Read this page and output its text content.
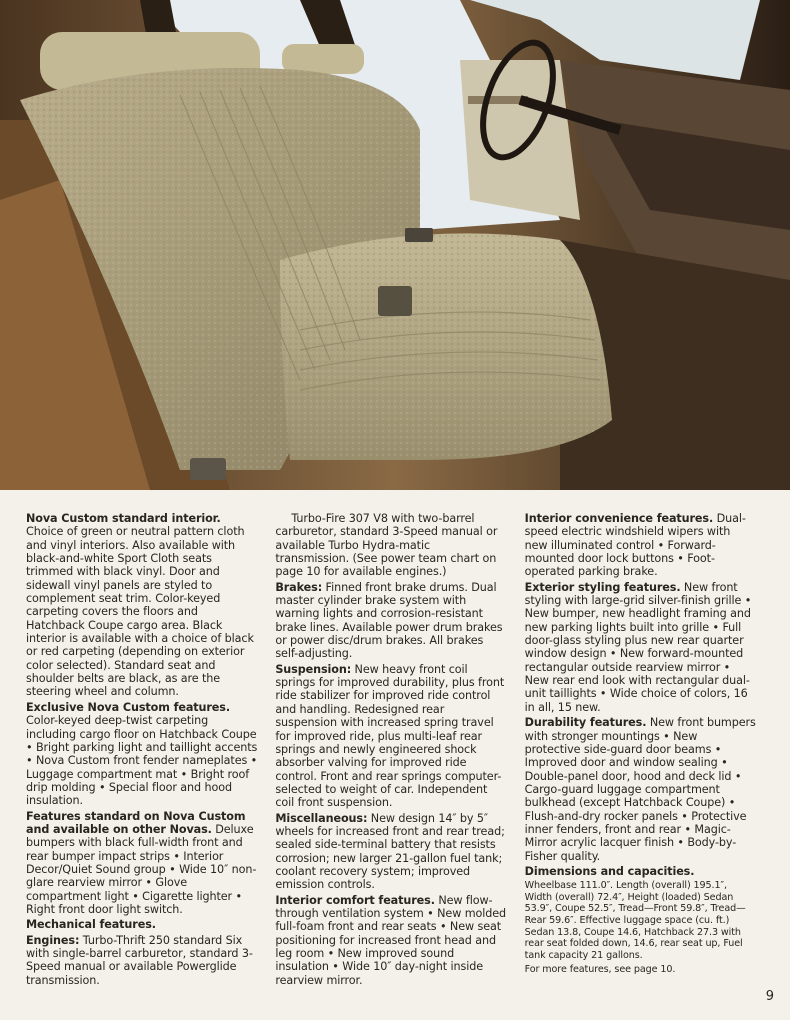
Nova Custom standard interior. Choice of green or neutral pattern cloth and vinyl interiors. Also available with black-and-white Sport Cloth seats trimmed with black vinyl. Door and sidewall vinyl panels are styled to complement seat trim. Color-keyed carpeting covers the floors and Hatchback Coupe cargo area. Black interior is available with a choice of black or red carpeting (depending on exterior color selected). Standard seat and shoulder belts are black, as are the steering wheel and column.

Exclusive Nova Custom features. Color-keyed deep-twist carpeting including cargo floor on Hatchback Coupe • Bright parking light and taillight accents • Nova Custom front fender nameplates • Luggage compartment mat • Bright roof drip molding • Special floor and hood insulation.

Features standard on Nova Custom and available on other Novas. Deluxe bumpers with black full-width front and rear bumper impact strips • Interior Decor/Quiet Sound group • Wide 10″ non-glare rearview mirror • Glove compartment light • Cigarette lighter • Right front door light switch.

Mechanical features.

Engines: Turbo-Thrift 250 standard Six with single-barrel carburetor, standard 3-Speed manual or available Powerglide transmission.

Turbo-Fire 307 V8 with two-barrel carburetor, standard 3-Speed manual or available Turbo Hydra-matic transmission. (See power team chart on page 10 for available engines.)

Brakes: Finned front brake drums. Dual master cylinder brake system with warning lights and corrosion-resistant brake lines. Available power drum brakes or power disc/drum brakes. All brakes self-adjusting.

Suspension: New heavy front coil springs for improved durability, plus front ride stabilizer for improved ride control and handling. Redesigned rear suspension with increased spring travel for improved ride, plus multi-leaf rear springs and newly engineered shock absorber valving for improved ride control. Front and rear springs computer-selected to weight of car. Independent coil front suspension.

Miscellaneous: New design 14″ by 5″ wheels for increased front and rear tread; sealed side-terminal battery that resists corrosion; new larger 21-gallon fuel tank; coolant recovery system; improved emission controls.

Interior comfort features. New flow-through ventilation system • New molded full-foam front and rear seats • New seat positioning for increased front head and leg room • New improved sound insulation • Wide 10″ day-night inside rearview mirror.

Interior convenience features. Dual-speed electric windshield wipers with new illuminated control • Forward-mounted door lock buttons • Foot-operated parking brake.

Exterior styling features. New front styling with large-grid silver-finish grille • New bumper, new headlight framing and new parking lights built into grille • Full door-glass styling plus new rear quarter window design • New forward-mounted rectangular outside rearview mirror • New rear end look with rectangular dual-unit taillights • Wide choice of colors, 16 in all, 15 new.

Durability features. New front bumpers with stronger mountings • New protective side-guard door beams • Improved door and window sealing • Double-panel door, hood and deck lid • Cargo-guard luggage compartment bulkhead (except Hatchback Coupe) • Flush-and-dry rocker panels • Protective inner fenders, front and rear • Magic-Mirror acrylic lacquer finish • Body-by-Fisher quality.

Dimensions and capacities.

Wheelbase 111.0″. Length (overall) 195.1″, Width (overall) 72.4″, Height (loaded) Sedan 53.9″, Coupe 52.5″, Tread—Front 59.8″, Tread—Rear 59.6″. Effective luggage space (cu. ft.) Sedan 13.8, Coupe 14.6, Hatchback 27.3 with rear seat folded down, 14.6, rear seat up, Fuel tank capacity 21 gallons.

For more features, see page 10.

9
